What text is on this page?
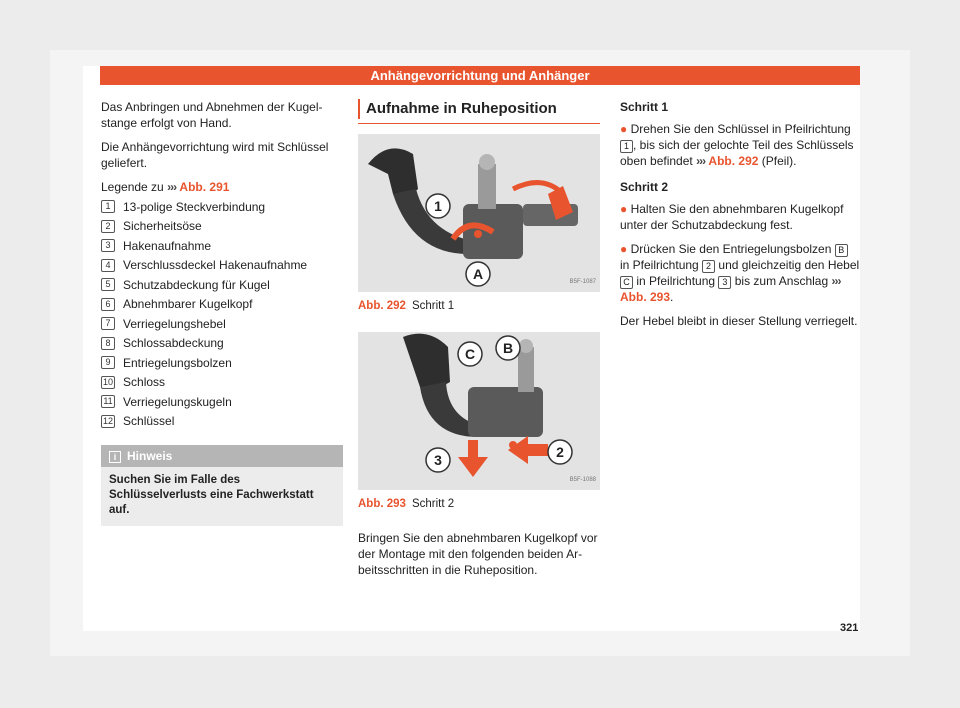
Anhängevorrichtung und Anhänger

Das Anbringen und Abnehmen der Kugel- stange erfolgt von Hand.

Die Anhängevorrichtung wird mit Schlüssel geliefert.

Legende zu ››› Abb. 291
1	13-polige Steckverbindung
2	Sicherheitsöse
3	Hakenaufnahme
4	Verschlussdeckel Hakenaufnahme
5	Schutzabdeckung für Kugel
6	Abnehmbarer Kugelkopf
7	Verriegelungshebel
8	Schlossabdeckung
9	Entriegelungsbolzen
10 Schloss
11 Verriegelungskugeln
12 Schlüssel
i Hinweis
Suchen Sie im Falle des Schlüsselverlusts eine Fachwerkstatt auf.
Aufnahme in Ruheposition
1
A	B5F-1087
Abb. 292 Schritt 1
C B
3	2
B5F-1088
Abb. 293 Schritt 2

Bringen Sie den abnehmbaren Kugelkopf vor der Montage mit den folgenden beiden Ar- beitsschritten in die Ruheposition.

Schritt 1

● Drehen Sie den Schlüssel in Pfeilrichtung 1 , bis sich der gelochte Teil des Schlüssels oben befindet ››› Abb. 292 (Pfeil).

Schritt 2

● Halten Sie den abnehmbaren Kugelkopf unter der Schutzabdeckung fest.

● Drücken Sie den Entriegelungsbolzen B in Pfeilrichtung 2 und gleichzeitig den Hebel C in Pfeilrichtung 3 bis zum Anschlag ››› Abb. 293.

Der Hebel bleibt in dieser Stellung verriegelt.

321
